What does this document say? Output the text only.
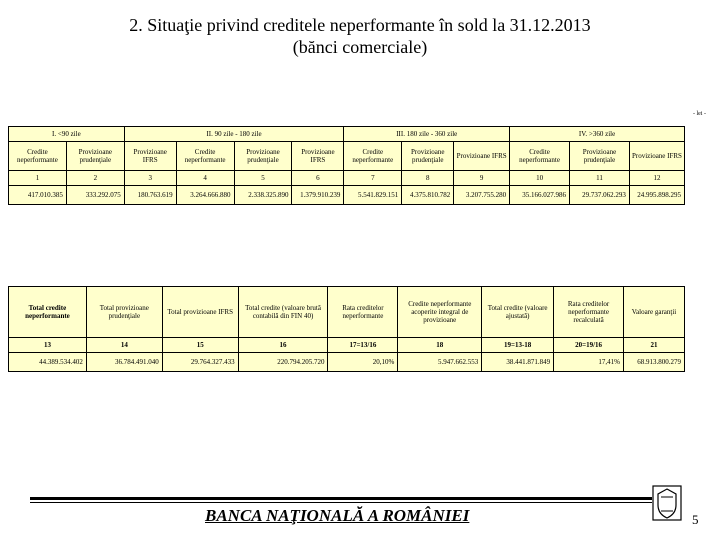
2. Situaţie privind creditele neperformante în sold la 31.12.2013
(bănci comerciale)
- lei -
I. <90 zile		II. 90 zile - 180 zile				III. 180 zile - 360 zile			IV. >360 zile		
Credite neperformante	Provizioane prudenţiale	Provizioane IFRS	Credite neperformante	Provizioane prudenţiale	Provizioane IFRS	Credite neperformante	Provizioane prudenţiale	Provizioane IFRS	Credite neperformante	Provizioane prudenţiale	Provizioane IFRS
1	2	3	4	5	6	7	8	9	10	11	12
417.010.385	333.292.075	180.763.619	3.264.666.880	2.338.325.890	1.379.910.239	5.541.829.151	4.375.810.782	3.207.755.280	35.166.027.986	29.737.062.293	24.995.898.295
Total credite neperformante	Total provizioane prudenţiale	Total provizioane IFRS	Total credite (valoare brută contabilă din FIN 40)	Rata creditelor neperformante	Credite neperformante acoperite integral de provizioane	Total credite (valoare ajustată)	Rata creditelor neperformante recalculată	Valoare garanţii
13	14	15	16	17=13/16	18	19=13-18	20=19/16	21
44.389.534.402	36.784.491.040	29.764.327.433	220.794.205.720	20,10%	5.947.662.553	38.441.871.849	17,41%	68.913.800.279
BANCA NAŢIONALĂ A ROMÂNIEI	5
